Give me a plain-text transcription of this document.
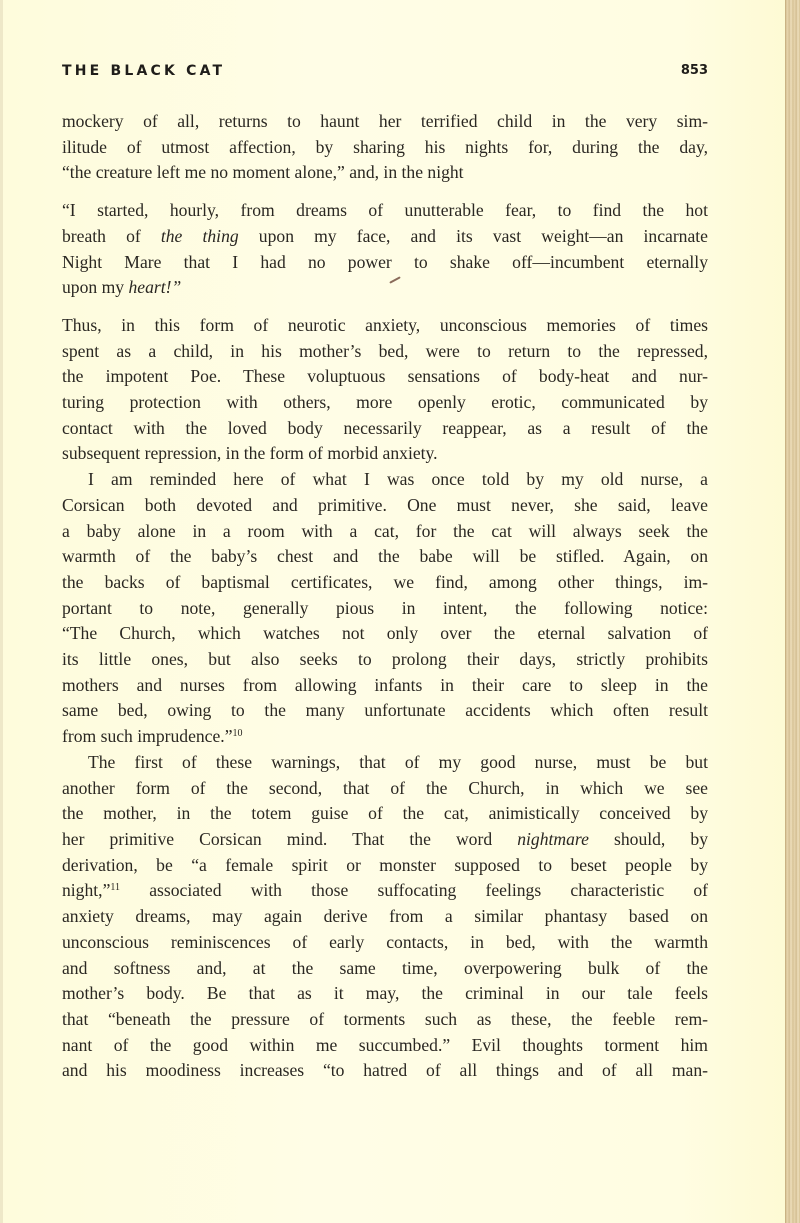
THE BLACK CAT	853
mockery of all, returns to haunt her terrified child in the very sim-
ilitude of utmost affection, by sharing his nights for, during the day,
“the creature left me no moment alone,” and, in the night
“I started, hourly, from dreams of unutterable fear, to find the hot
breath of the thing upon my face, and its vast weight—an incarnate
Night Mare that I had no power to shake off—incumbent eternally
upon my heart!”
Thus, in this form of neurotic anxiety, unconscious memories of times
spent as a child, in his mother’s bed, were to return to the repressed,
the impotent Poe. These voluptuous sensations of body-heat and nur-
turing protection with others, more openly erotic, communicated by
contact with the loved body necessarily reappear, as a result of the
subsequent repression, in the form of morbid anxiety.
I am reminded here of what I was once told by my old nurse, a
Corsican both devoted and primitive. One must never, she said, leave
a baby alone in a room with a cat, for the cat will always seek the
warmth of the baby’s chest and the babe will be stifled. Again, on
the backs of baptismal certificates, we find, among other things, im-
portant to note, generally pious in intent, the following notice:
“The Church, which watches not only over the eternal salvation of
its little ones, but also seeks to prolong their days, strictly prohibits
mothers and nurses from allowing infants in their care to sleep in the
same bed, owing to the many unfortunate accidents which often result
from such imprudence.”$^{10}$
The first of these warnings, that of my good nurse, must be but
another form of the second, that of the Church, in which we see
the mother, in the totem guise of the cat, animistically conceived by
her primitive Corsican mind. That the word nightmare should, by
derivation, be “a female spirit or monster supposed to beset people by
night,”$^{11}$ associated with those suffocating feelings characteristic of
anxiety dreams, may again derive from a similar phantasy based on
unconscious reminiscences of early contacts, in bed, with the warmth
and softness and, at the same time, overpowering bulk of the
mother’s body. Be that as it may, the criminal in our tale feels
that “beneath the pressure of torments such as these, the feeble rem-
nant of the good within me succumbed.” Evil thoughts torment him
and his moodiness increases “to hatred of all things and of all man-
